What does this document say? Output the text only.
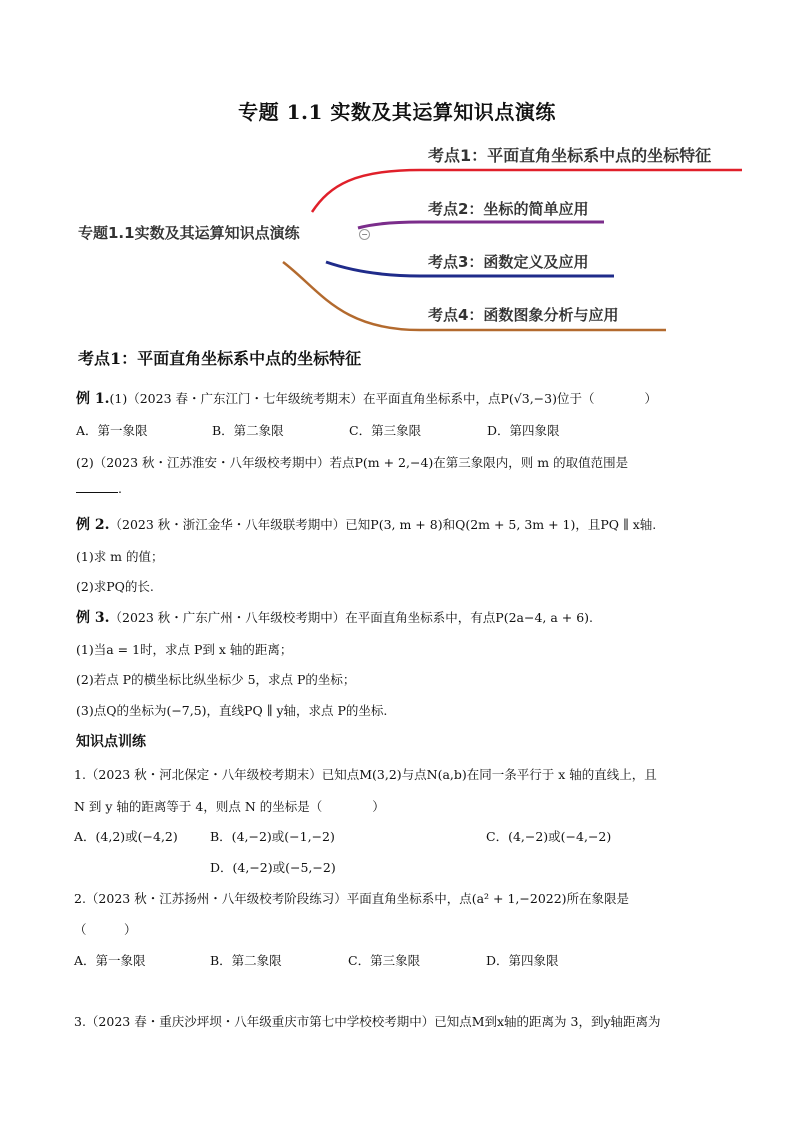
专题 1.1 实数及其运算知识点演练
专题1.1实数及其运算知识点演练	−
考点1：平面直角坐标系中点的坐标特征
考点2：坐标的简单应用
考点3：函数定义及应用
考点4：函数图象分析与应用
考点1：平面直角坐标系中点的坐标特征
例 1.(1)（2023 春・广东江门・七年级统考期末）在平面直角坐标系中，点P(√3,−3)位于（　　　　）
A．第一象限	B．第二象限	C．第三象限	D．第四象限
(2)（2023 秋・江苏淮安・八年级校考期中）若点P(m + 2,−4)在第三象限内，则 m 的取值范围是
.
例 2.（2023 秋・浙江金华・八年级联考期中）已知P(3, m + 8)和Q(2m + 5, 3m + 1)，且PQ ∥ x轴.
(1)求 m 的值；
(2)求PQ的长.
例 3.（2023 秋・广东广州・八年级校考期中）在平面直角坐标系中，有点P(2a−4, a + 6).
(1)当a = 1时，求点 P到 x 轴的距离；
(2)若点 P的横坐标比纵坐标少 5，求点 P的坐标；
(3)点Q的坐标为(−7,5)，直线PQ ∥ y轴，求点 P的坐标.
知识点训练
1.（2023 秋・河北保定・八年级校考期末）已知点M(3,2)与点N(a,b)在同一条平行于 x 轴的直线上，且
N 到 y 轴的距离等于 4，则点 N 的坐标是（　　　　）
A．(4,2)或(−4,2)	B．(4,−2)或(−1,−2)	C．(4,−2)或(−4,−2)
D．(4,−2)或(−5,−2)
2.（2023 秋・江苏扬州・八年级校考阶段练习）平面直角坐标系中，点(a² + 1,−2022)所在象限是
（　　　）
A．第一象限	B．第二象限	C．第三象限	D．第四象限
3.（2023 春・重庆沙坪坝・八年级重庆市第七中学校校考期中）已知点M到x轴的距离为 3，到y轴距离为
